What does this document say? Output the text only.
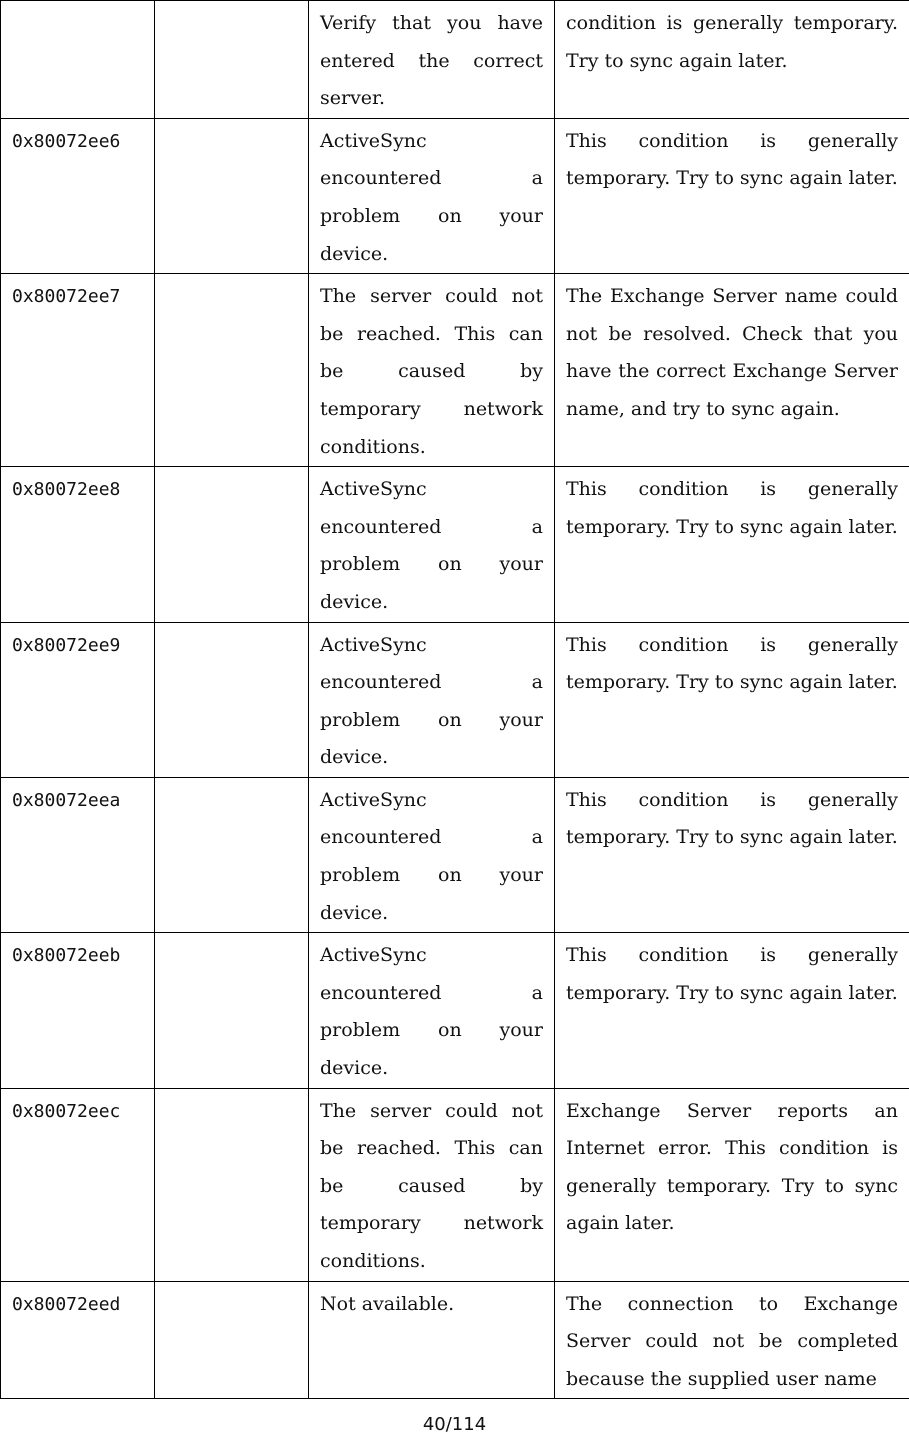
		Verify that you have entered the correct server.	condition is generally temporary. Try to sync again later.
0x80072ee6		ActiveSync encountered a problem on your device.	This condition is generally temporary. Try to sync again later.
0x80072ee7		The server could not be reached. This can be caused by temporary network conditions.	The Exchange Server name could not be resolved. Check that you have the correct Exchange Server name, and try to sync again.
0x80072ee8		ActiveSync encountered a problem on your device.	This condition is generally temporary. Try to sync again later.
0x80072ee9		ActiveSync encountered a problem on your device.	This condition is generally temporary. Try to sync again later.
0x80072eea		ActiveSync encountered a problem on your device.	This condition is generally temporary. Try to sync again later.
0x80072eeb		ActiveSync encountered a problem on your device.	This condition is generally temporary. Try to sync again later.
0x80072eec		The server could not be reached. This can be caused by temporary network conditions.	Exchange Server reports an Internet error. This condition is generally temporary. Try to sync again later.
0x80072eed		Not available.	The connection to Exchange Server could not be completed because the supplied user name
40/114
